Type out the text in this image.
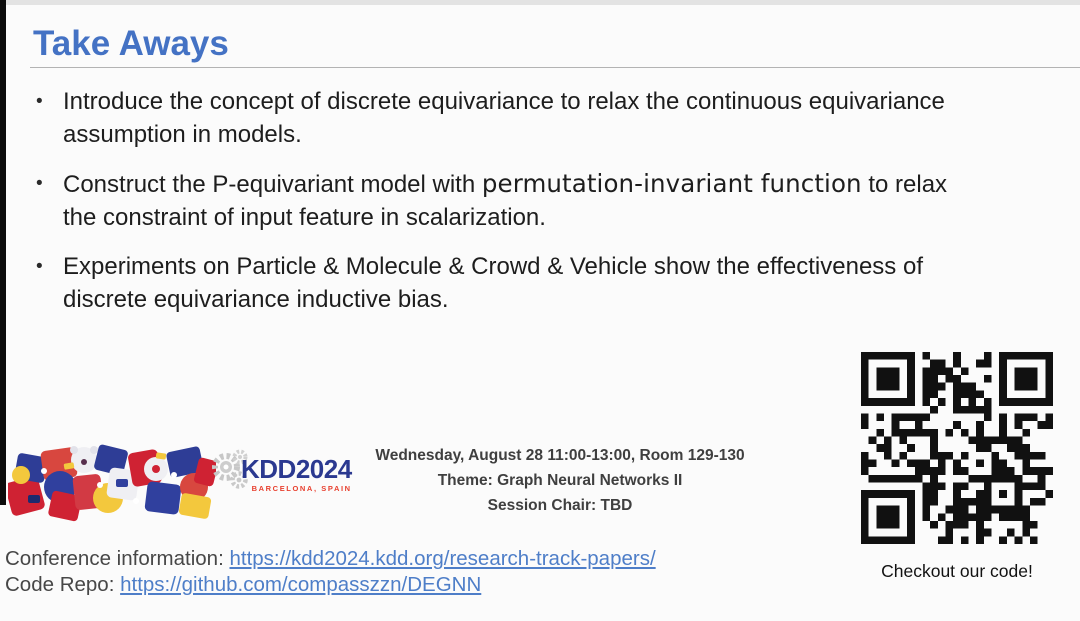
Take Aways
•
Introduce the concept of discrete equivariance to relax the continuous equivariance assumption in models.
•
Construct the P-equivariant model with permutation-invariant function to relax the constraint of input feature in scalarization.
•
Experiments on Particle & Molecule & Crowd & Vehicle show the effectiveness of discrete equivariance inductive bias.
KDD2024
BARCELONA, SPAIN
Wednesday, August 28 11:00-13:00, Room 129-130
Theme: Graph Neural Networks II
Session Chair: TBD
Checkout our code!
Conference information: https://kdd2024.kdd.org/research-track-papers/
Code Repo: https://github.com/compasszzn/DEGNN
